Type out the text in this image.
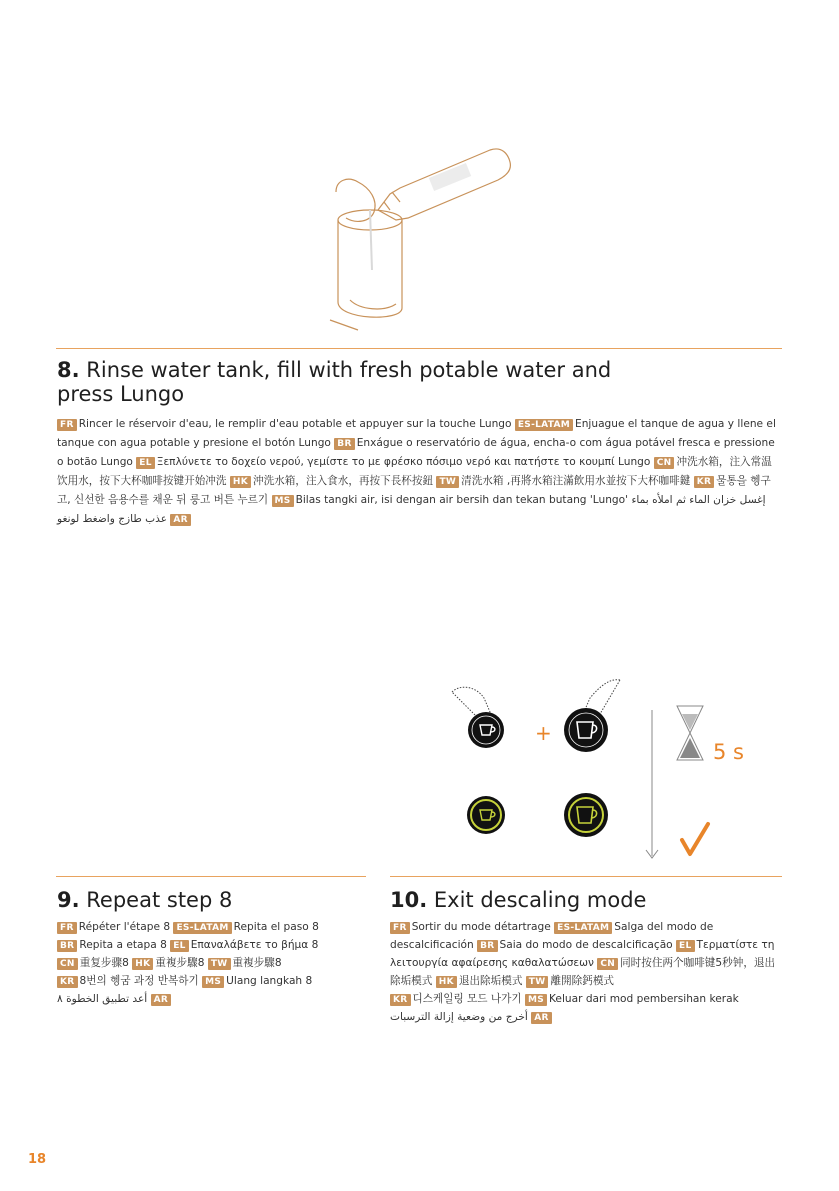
8. Rinse water tank, fill with fresh potable water and press Lungo

FR Rincer le réservoir d'eau, le remplir d'eau potable et appuyer sur la touche Lungo ES-LATAM Enjuague el tanque de agua y llene el tanque con agua potable y presione el botón Lungo BR Enxágue o reservatório de água, encha-o com água potável fresca e pressione o botão Lungo EL Ξεπλύνετε το δοχείο νερού, γεμίστε το με φρέσκο πόσιμο νερό και πατήστε το κουμπί Lungo CN 冲洗水箱，注入常温饮用水，按下大杯咖啡按键开始冲洗 HK 沖洗水箱，注入食水，再按下長杯按鈕 TW 清洗水箱 ,再將水箱注滿飲用水並按下大杯咖啡鍵 KR 물통을 헹구고, 신선한 음용수를 채운 뒤 룽고 버튼 누르기 MS Bilas tangki air, isi dengan air bersih dan tekan butang 'Lungo' إغسل خزان الماء ثم املأه بماء عذب طازج واضغط لونغو AR

+
5 s
9. Repeat step 8
FR Répéter l'étape 8 ES-LATAM Repita el paso 8
BR Repita a etapa 8 EL Επαναλάβετε το βήμα 8
CN 重复步骤8 HK 重複步驟8 TW 重複步驟8
KR 8번의 헹굼 과정 반복하기 MS Ulang langkah 8
أعد تطبيق الخطوة ٨ AR
10. Exit descaling mode

FR Sortir du mode détartrage ES-LATAM Salga del modo de descalcificación BR Saia do modo de descalcificação EL Τερματίστε τη λειτουργία αφαίρεσης καθαλατώσεων CN 同时按住两个咖啡键5秒钟，退出除垢模式 HK 退出除垢模式 TW 離開除鈣模式
KR 디스케일링 모드 나가기 MS Keluar dari mod pembersihan kerak
أخرج من وضعية إزالة الترسبات AR

18
